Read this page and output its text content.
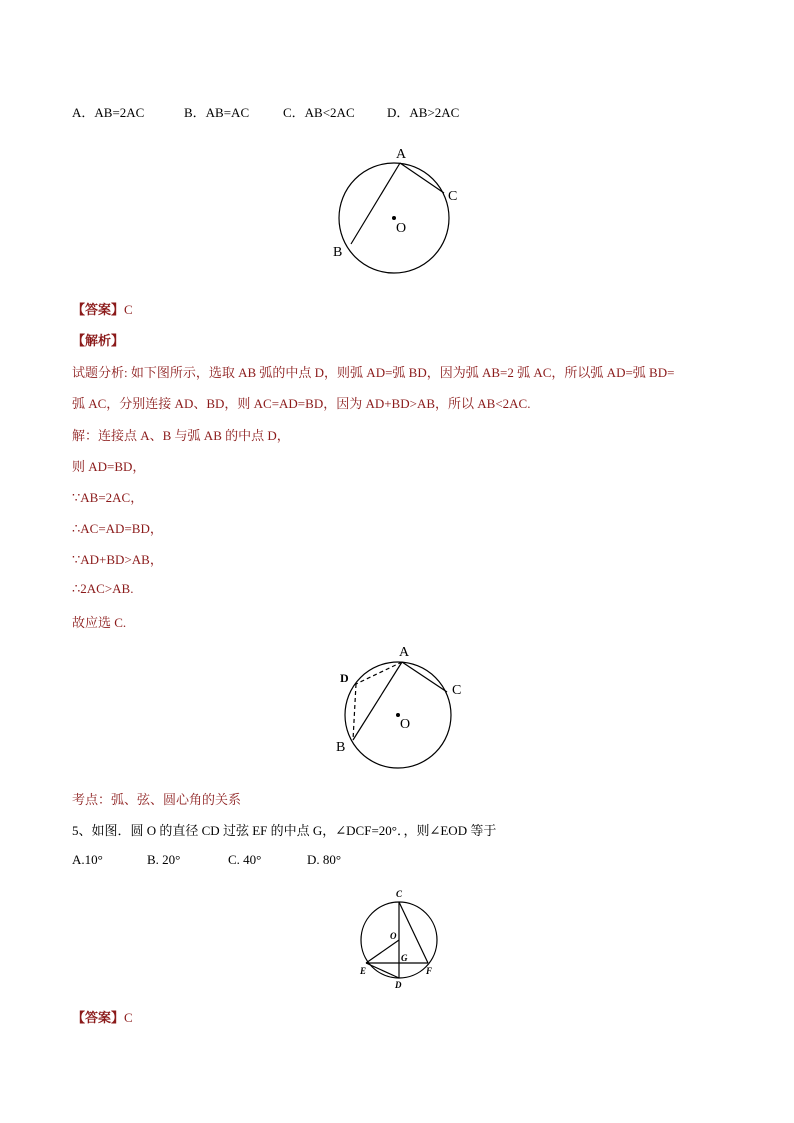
A．AB=2AC	B．AB=AC	C．AB<2AC D．AB>2AC
A
C
B
O
【答案】C
【解析】
试题分析: 如下图所示，选取 AB 弧的中点 D，则弧 AD=弧 BD，因为弧 AB=2 弧 AC，所以弧 AD=弧 BD=
弧 AC，分别连接 AD、BD，则 AC=AD=BD，因为 AD+BD>AB，所以 AB<2AC.
解：连接点 A、B 与弧 AB 的中点 D，
则 AD=BD，
∵AB=2AC，
∴AC=AD=BD，
∵AD+BD>AB，
∴2AC>AB.
故应选 C.
A
D
C
B
O
考点：弧、弦、圆心角的关系
5、如图．圆 O 的直径 CD 过弦 EF 的中点 G，∠DCF=20°．，则∠EOD 等于
A.10°	B. 20°	C. 40°	D. 80°
C
O
G
E	F
D
【答案】C
